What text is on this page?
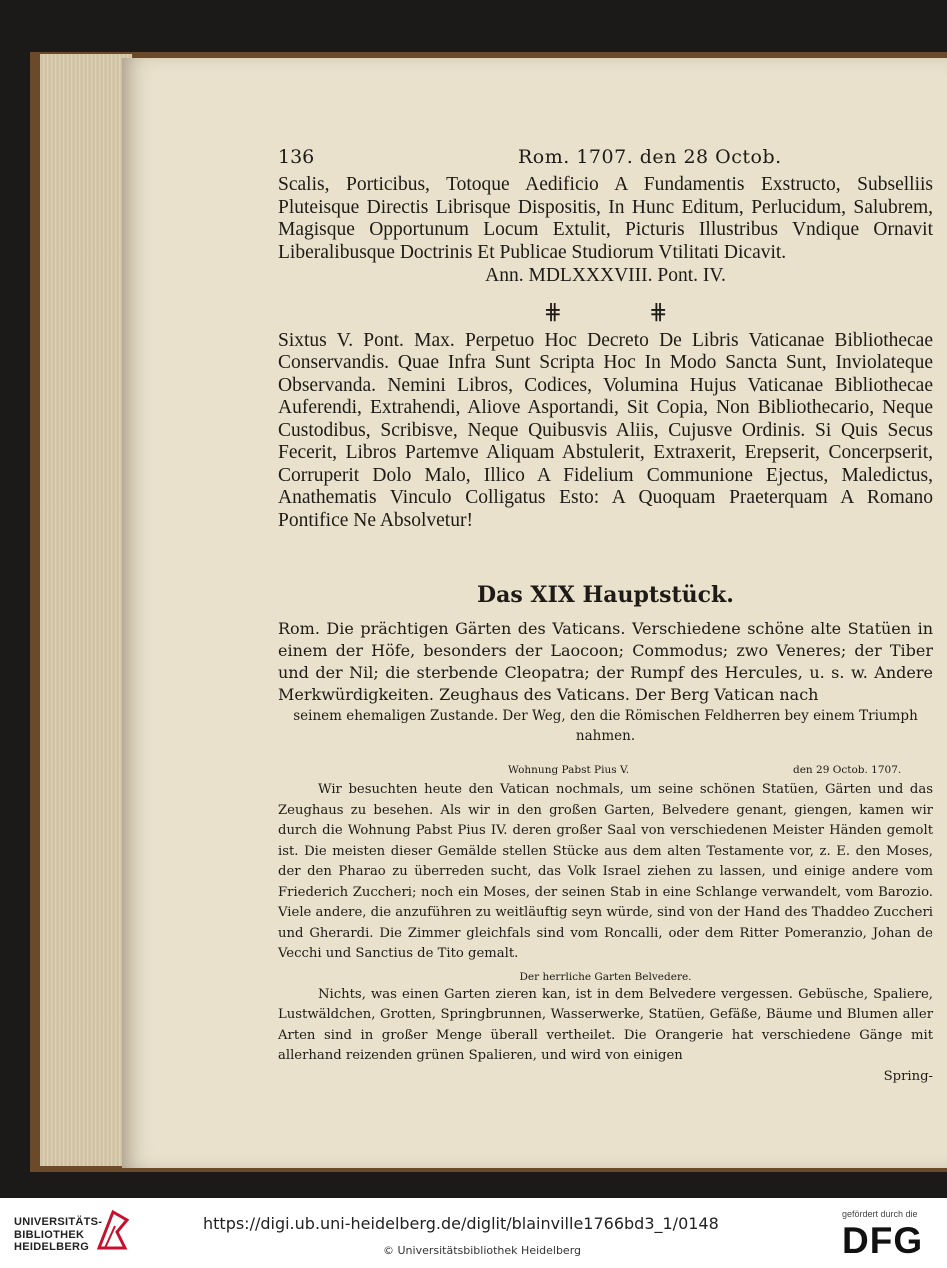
136	Rom. 1707. den 28 Octob.

Scalis, Porticibus, Totoque Aedificio A Fundamentis Exstructo, Subselliis Pluteisque Directis Librisque Dispositis, In Hunc Editum, Perlucidum, Salubrem, Magisque Opportunum Locum Extulit, Picturis Illustribus Vndique Ornavit Liberalibusque Doctrinis Et Publicae Studiorum Vtilitati Dicavit.

Ann. MDLXXXVIII. Pont. IV.

⋕	⋕

Sixtus V. Pont. Max. Perpetuo Hoc Decreto De Libris Vaticanae Bibliothecae Conservandis. Quae Infra Sunt Scripta Hoc In Modo Sancta Sunt, Inviolateque Observanda. Nemini Libros, Codices, Volumina Hujus Vaticanae Bibliothecae Auferendi, Extrahendi, Aliove Asportandi, Sit Copia, Non Bibliothecario, Neque Custodibus, Scribisve, Neque Quibusvis Aliis, Cujusve Ordinis. Si Quis Secus Fecerit, Libros Partemve Aliquam Abstulerit, Extraxerit, Erepserit, Concerpserit, Corruperit Dolo Malo, Illico A Fidelium Communione Ejectus, Maledictus, Anathematis Vinculo Colligatus Esto: A Quoquam Praeterquam A Romano Pontifice Ne Absolvetur!

Das XIX Hauptstück.

Rom. Die prächtigen Gärten des Vaticans. Verschiedene schöne alte Statüen in einem der Höfe, besonders der Laocoon; Commodus; zwo Veneres; der Tiber und der Nil; die sterbende Cleopatra; der Rumpf des Hercules, u. s. w. Andere Merkwürdigkeiten. Zeughaus des Vaticans. Der Berg Vatican nach

seinem ehemaligen Zustande. Der Weg, den die Römischen Feldherren bey einem Triumph nahmen.

Wohnung Pabst Pius V.	den 29 Octob. 1707.

Wir besuchten heute den Vatican nochmals, um seine schönen Statüen, Gärten und das Zeughaus zu besehen. Als wir in den großen Garten, Belvedere genant, giengen, kamen wir durch die Wohnung Pabst Pius IV. deren großer Saal von verschiedenen Meister Händen gemolt ist. Die meisten dieser Gemälde stellen Stücke aus dem alten Testamente vor, z. E. den Moses, der den Pharao zu überreden sucht, das Volk Israel ziehen zu lassen, und einige andere vom Friederich Zuccheri; noch ein Moses, der seinen Stab in eine Schlange verwandelt, vom Barozio. Viele andere, die anzuführen zu weitläuftig seyn würde, sind von der Hand des Thaddeo Zuccheri und Gherardi. Die Zimmer gleichfals sind vom Roncalli, oder dem Ritter Pomeranzio, Johan de Vecchi und Sanctius de Tito gemalt.

Der herrliche Garten Belvedere.

Nichts, was einen Garten zieren kan, ist in dem Belvedere vergessen. Gebüsche, Spaliere, Lustwäldchen, Grotten, Springbrunnen, Wasserwerke, Statüen, Gefäße, Bäume und Blumen aller Arten sind in großer Menge überall vertheilet. Die Orangerie hat verschiedene Gänge mit allerhand reizenden grünen Spalieren, und wird von einigen

Spring-
UNIVERSITÄTS-
BIBLIOTHEK
HEIDELBERG
https://digi.ub.uni-heidelberg.de/diglit/blainville1766bd3_1/0148
© Universitätsbibliothek Heidelberg
gefördert durch die
DFG
